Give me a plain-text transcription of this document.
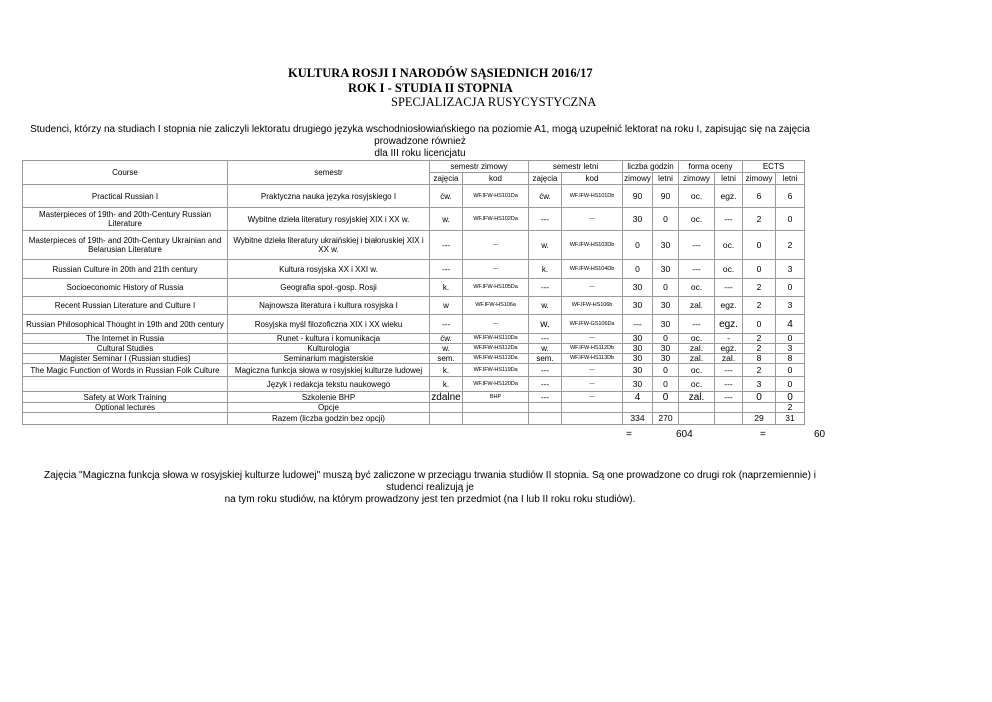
KULTURA ROSJI I NARODÓW SĄSIEDNICH 2016/17
ROK I - STUDIA II STOPNIA
SPECJALIZACJA RUSYCYSTYCZNA
Studenci, którzy na studiach I stopnia nie zaliczyli lektoratu drugiego języka wschodniosłowiańskiego na poziomie A1, mogą uzupełnić lektorat na roku I, zapisując się na zajęcia prowadzone również
dla III roku licencjatu
Course	semestr	semestr zimowy		semestr letni		liczba godzin		forma oceny		ECTS	
		zajęcia	kod	zajęcia	kod	zimowy	letni	zimowy	letni	zimowy	letni
Practical Russian I	Praktyczna nauka języka rosyjskiego I	ćw.	WF.IFW-HS101Da	ćw.	WF.IFW-HS101Db	90	90	oc.	egz.	6	6
Masterpieces of 19th- and 20th-Century Russian Literature	Wybitne dzieła literatury rosyjskiej XIX i XX w.	w.	WF.IFW-HS102Da	---	---	30	0	oc.	---	2	0
Masterpieces of 19th- and 20th-Century Ukrainian and Belarusian Literature	Wybitne dzieła literatury ukraińskiej i białoruskiej XIX i XX w.	---	---	w.	WF.IFW-HS103Db	0	30	---	oc.	0	2
Russian Culture in 20th and 21th century	Kultura rosyjska XX i XXI w.	---	---	k.	WF.IFW-HS104Db	0	30	---	oc.	0	3
Socioeconomic History of Russia	Geografia społ.-gosp. Rosji	k.	WF.IFW-HS105Da	---	---	30	0	oc.	---	2	0
Recent Russian Literature and Culture I	Najnowsza literatura i kultura rosyjska I	w	WF.IFW-HS106a	w.	WF.IFW-HS106b	30	30	zal.	egz.	2	3
Russian Philosophical Thought in 19th and 20th century	Rosyjska myśl filozoficzna XIX i XX wieku	---	---	w.	WF.IFW-GS106Da	---	30	---	egz.	0	4
The Internet in Russia	Runet - kultura i komunikacja	ćw.	WF.IFW-HS110Da	---	---	30	0	oc.	-	2	0
Cultural Studies	Kulturologia	w.	WF.IFW-HS112Da	w.	WF.IFW-HS112Db	30	30	zal.	egz.	2	3
Magister Seminar I (Russian studies)	Seminarium magisterskie	sem.	WF.IFW-HS113Da	sem.	WF.IFW-HS113Db	30	30	zal.	zal.	8	8
The Magic Function of Words in Russian Folk Culture	Magiczna funkcja słowa w rosyjskiej kulturze ludowej	k.	WF.IFW-HS119Da	---	---	30	0	oc.	---	2	0
	Język i redakcja tekstu naukowego	k.	WF.IFW-HS120Da	---	---	30	0	oc.	---	3	0
Safety at Work Training	Szkolenie BHP	zdalne	BHP	---	---	4	0	zal.	---	0	0
Optional lectures	Opcje										2
	Razem (liczba godzin bez opcji)					334	270			29	31
=	604	=	60
Zajęcia "Magiczna funkcja słowa w rosyjskiej kulturze ludowej" muszą być zaliczone w przeciągu trwania studiów II stopnia. Są one prowadzone co drugi rok (naprzemiennie) i studenci realizują je
na tym roku studiów, na którym prowadzony jest ten przedmiot (na I lub II roku roku studiów).
